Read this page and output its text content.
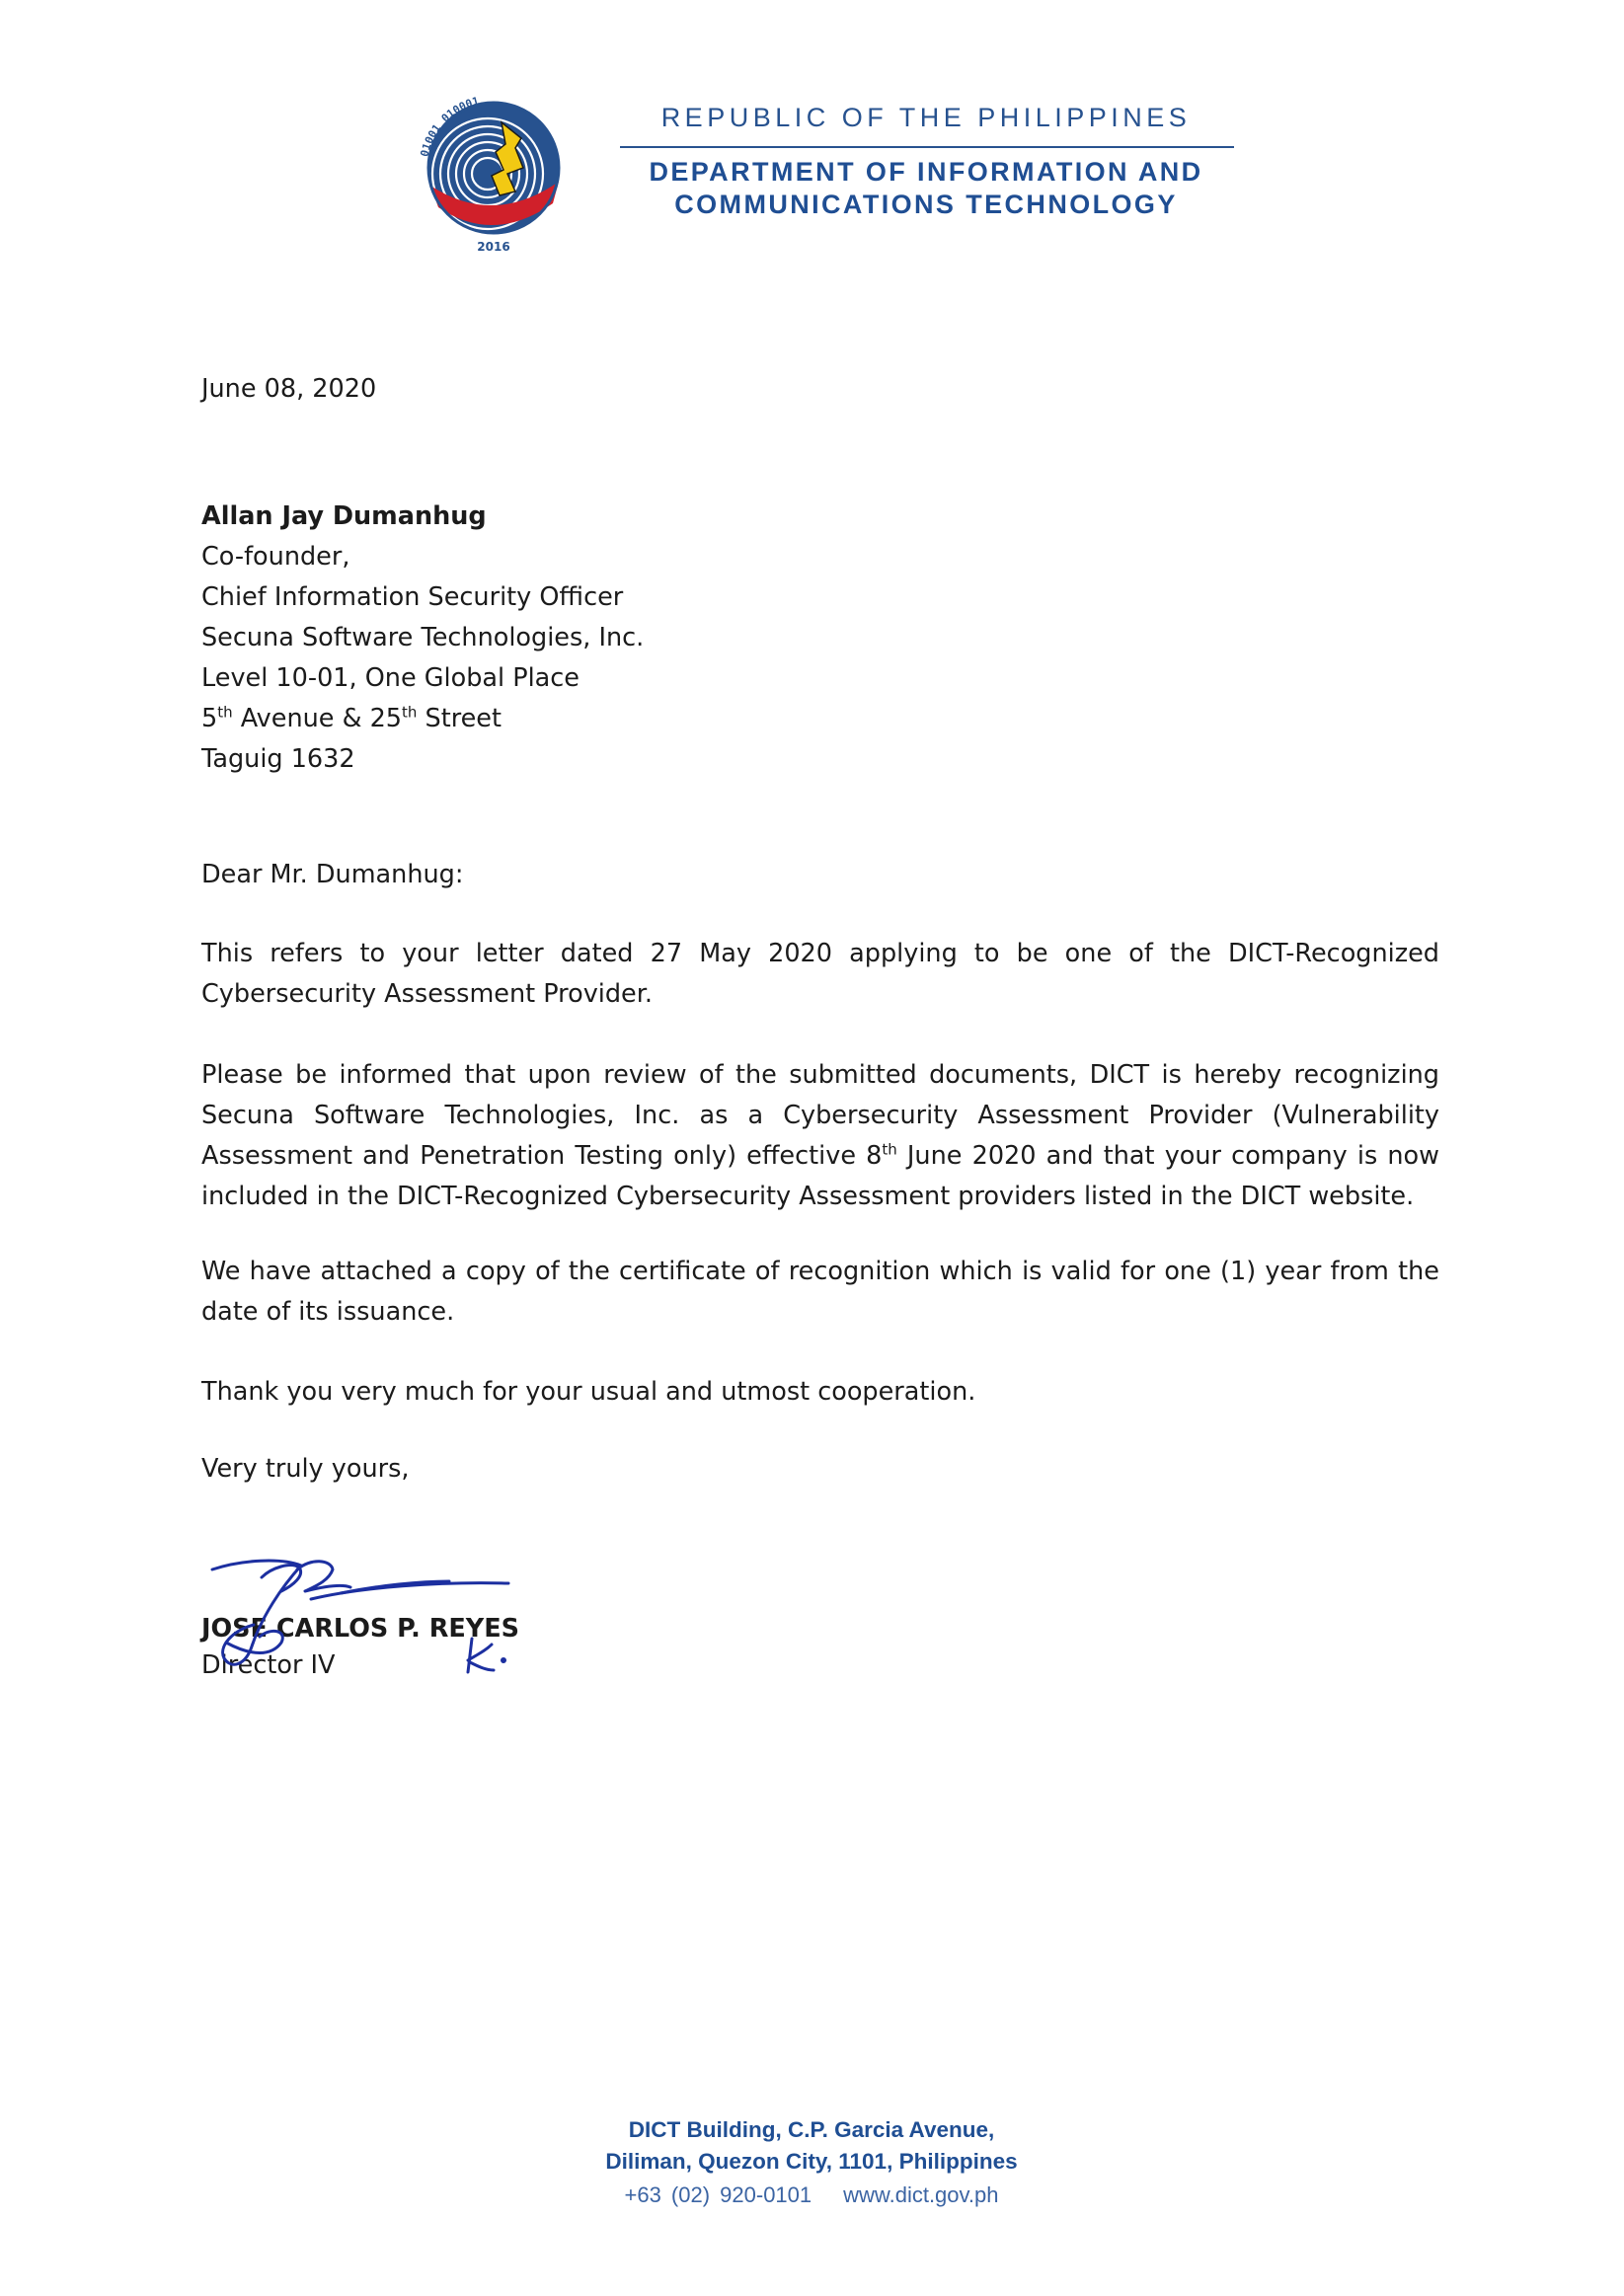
01001 010001
2016
REPUBLIC OF THE PHILIPPINES
DEPARTMENT OF INFORMATION AND
COMMUNICATIONS TECHNOLOGY
June 08, 2020
Allan Jay Dumanhug
Co-founder,
Chief Information Security Officer
Secuna Software Technologies, Inc.
Level 10-01, One Global Place
5th Avenue & 25th Street
Taguig 1632
Dear Mr. Dumanhug:
This refers to your letter dated 27 May 2020 applying to be one of the DICT-Recognized Cybersecurity Assessment Provider.
Please be informed that upon review of the submitted documents, DICT is hereby recognizing Secuna Software Technologies, Inc. as a Cybersecurity Assessment Provider (Vulnerability Assessment and Penetration Testing only) effective 8th June 2020 and that your company is now included in the DICT-Recognized Cybersecurity Assessment providers listed in the DICT website.
We have attached a copy of the certificate of recognition which is valid for one (1) year from the date of its issuance.
Thank you very much for your usual and utmost cooperation.
Very truly yours,
JOSE CARLOS P. REYES
Director IV
DICT Building, C.P. Garcia Avenue,
Diliman, Quezon City, 1101, Philippines
+63 (02) 920-0101 www.dict.gov.ph
